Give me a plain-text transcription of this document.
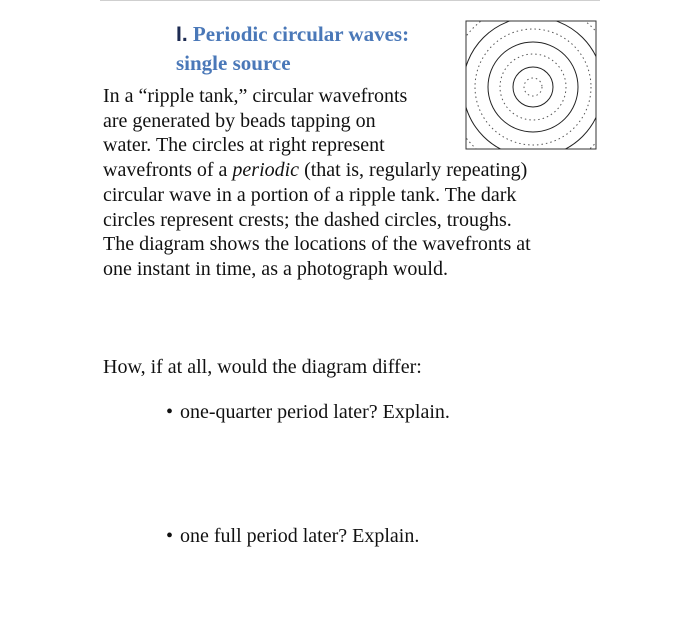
I. Periodic circular waves:
single source
In a “ripple tank,” circular wavefronts
are generated by beads tapping on
water. The circles at right represent
wavefronts of a periodic (that is, regularly repeating)
circular wave in a portion of a ripple tank. The dark
circles represent crests; the dashed circles, troughs.
The diagram shows the locations of the wavefronts at
one instant in time, as a photograph would.
How, if at all, would the diagram differ:
• one-quarter period later? Explain.
• one full period later? Explain.
